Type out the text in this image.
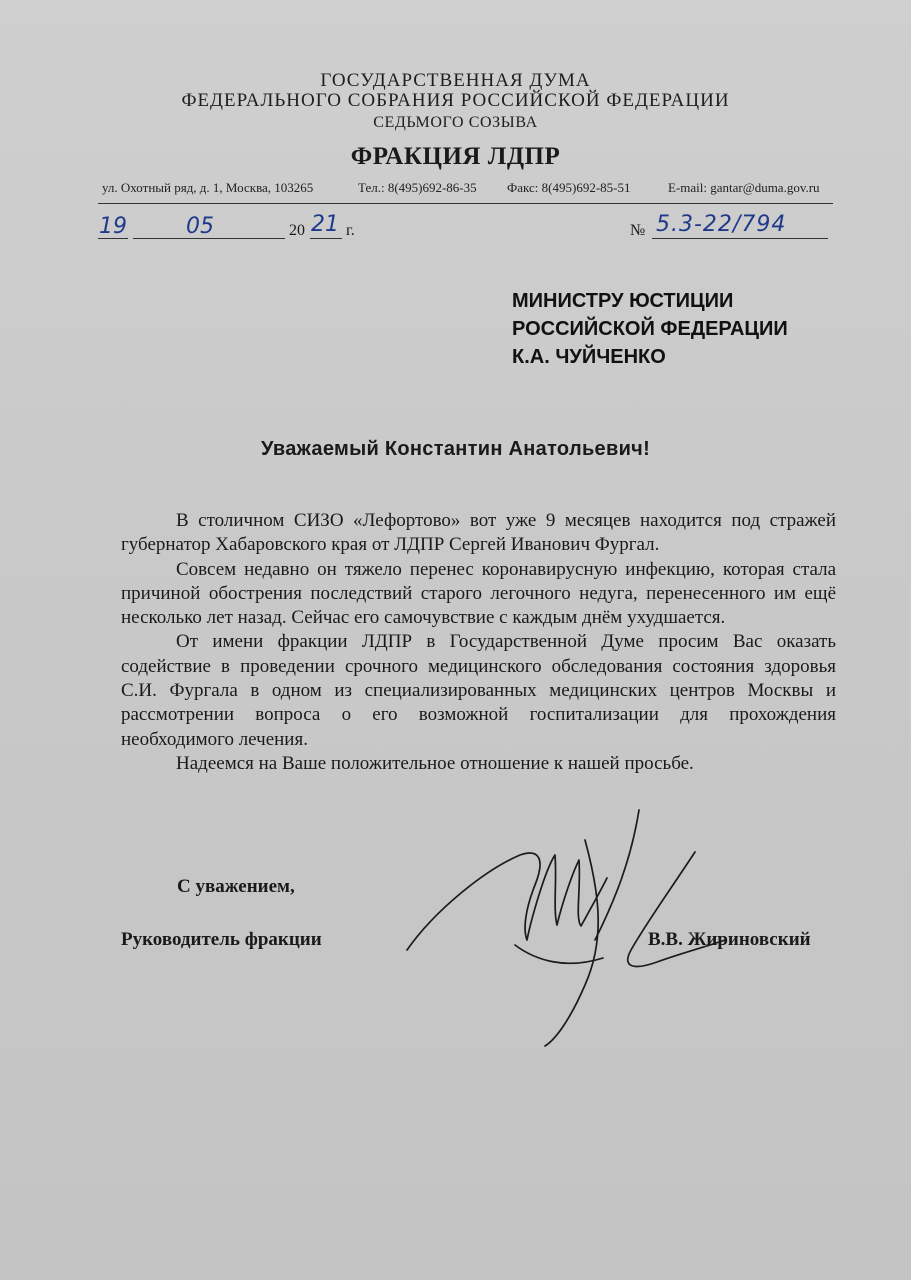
ГОСУДАРСТВЕННАЯ ДУМА
ФЕДЕРАЛЬНОГО СОБРАНИЯ РОССИЙСКОЙ ФЕДЕРАЦИИ
СЕДЬМОГО СОЗЫВА
ФРАКЦИЯ ЛДПР
ул. Охотный ряд, д. 1, Москва, 103265	Тел.: 8(495)692-86-35 Факс: 8(495)692-85-51	E-mail: gantar@duma.gov.ru
19	05	20 21 г.	№ 5.3-22/794
МИНИСТРУ ЮСТИЦИИ
РОССИЙСКОЙ ФЕДЕРАЦИИ
К.А. ЧУЙЧЕНКО
Уважаемый Константин Анатольевич!

В столичном СИЗО «Лефортово» вот уже 9 месяцев находится под стражей губернатор Хабаровского края от ЛДПР Сергей Иванович Фургал.

Совсем недавно он тяжело перенес коронавирусную инфекцию, которая стала причиной обострения последствий старого легочного недуга, перенесенного им ещё несколько лет назад. Сейчас его самочувствие с каждым днём ухудшается.

От имени фракции ЛДПР в Государственной Думе просим Вас оказать содействие в проведении срочного медицинского обследования состояния здоровья С.И. Фургала в одном из специализированных медицинских центров Москвы и рассмотрении вопроса о его возможной госпитализации для прохождения необходимого лечения.

Надеемся на Ваше положительное отношение к нашей просьбе.

С уважением,
Руководитель фракции	В.В. Жириновский
